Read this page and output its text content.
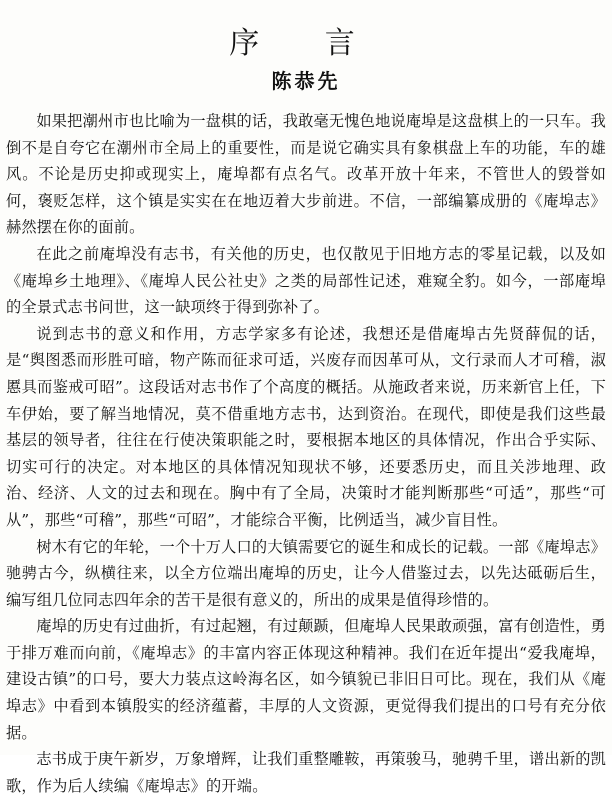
序 言
陈恭先

如果把潮州市也比喻为一盘棋的话，我敢毫无愧色地说庵埠是这盘棋上的一只车。我倒不是自夸它在潮州市全局上的重要性，而是说它确实具有象棋盘上车的功能，车的雄风。不论是历史抑或现实上，庵埠都有点名气。改革开放十年来，不管世人的毁誉如何，褒贬怎样，这个镇是实实在在地迈着大步前进。不信，一部编纂成册的《庵埠志》赫然摆在你的面前。

在此之前庵埠没有志书，有关他的历史，也仅散见于旧地方志的零星记载，以及如《庵埠乡土地理》、《庵埠人民公社史》之类的局部性记述，难窥全豹。如今，一部庵埠的全景式志书问世，这一缺项终于得到弥补了。

说到志书的意义和作用，方志学家多有论述，我想还是借庵埠古先贤薛侃的话，是“舆图悉而形胜可暗，物产陈而征求可适，兴废存而因革可从，文行录而人才可稽，淑慝具而鉴戒可昭”。这段话对志书作了个高度的概括。从施政者来说，历来新官上任，下车伊始，要了解当地情况，莫不借重地方志书，达到资治。在现代，即使是我们这些最基层的领导者，往往在行使决策职能之时，要根据本地区的具体情况，作出合乎实际、切实可行的决定。对本地区的具体情况知现状不够，还要悉历史，而且关涉地理、政治、经济、人文的过去和现在。胸中有了全局，决策时才能判断那些“可适”，那些“可从”，那些“可稽”，那些“可昭”，才能综合平衡，比例适当，减少盲目性。

树木有它的年轮，一个十万人口的大镇需要它的诞生和成长的记载。一部《庵埠志》驰骋古今，纵横往来，以全方位端出庵埠的历史，让今人借鉴过去，以先达砥砺后生，编写组几位同志四年余的苦干是很有意义的，所出的成果是值得珍惜的。

庵埠的历史有过曲折，有过起翘，有过颠踬，但庵埠人民果敢顽强，富有创造性，勇于排万难而向前，《庵埠志》的丰富内容正体现这种精神。我们在近年提出“爱我庵埠，建设古镇”的口号，要大力装点这岭海名区，如今镇貌已非旧日可比。现在，我们从《庵埠志》中看到本镇殷实的经济蕴蓄，丰厚的人文资源，更觉得我们提出的口号有充分依据。

志书成于庚午新岁，万象增辉，让我们重整雕鞍，再策骏马，驰骋千里，谱出新的凯歌，作为后人续编《庵埠志》的开端。
